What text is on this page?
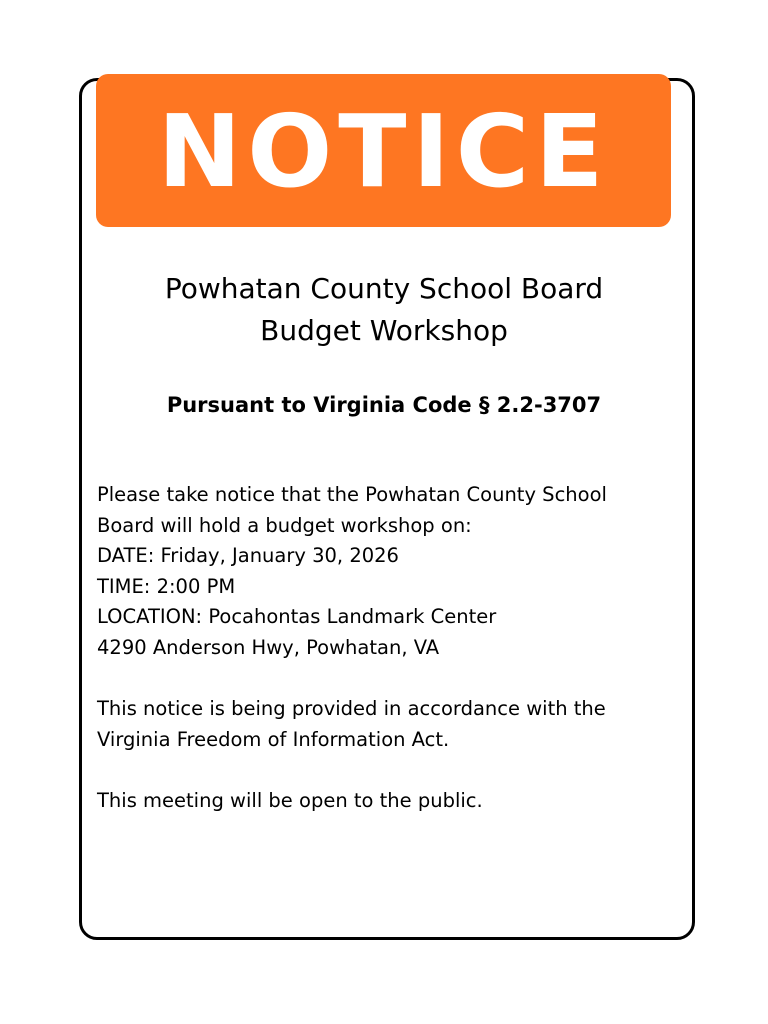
NOTICE
Powhatan County School Board
Budget Workshop
Pursuant to Virginia Code § 2.2-3707
Please take notice that the Powhatan County School
Board will hold a budget workshop on:
DATE: Friday, January 30, 2026
TIME: 2:00 PM
LOCATION: Pocahontas Landmark Center
4290 Anderson Hwy, Powhatan, VA
This notice is being provided in accordance with the
Virginia Freedom of Information Act.
This meeting will be open to the public.
